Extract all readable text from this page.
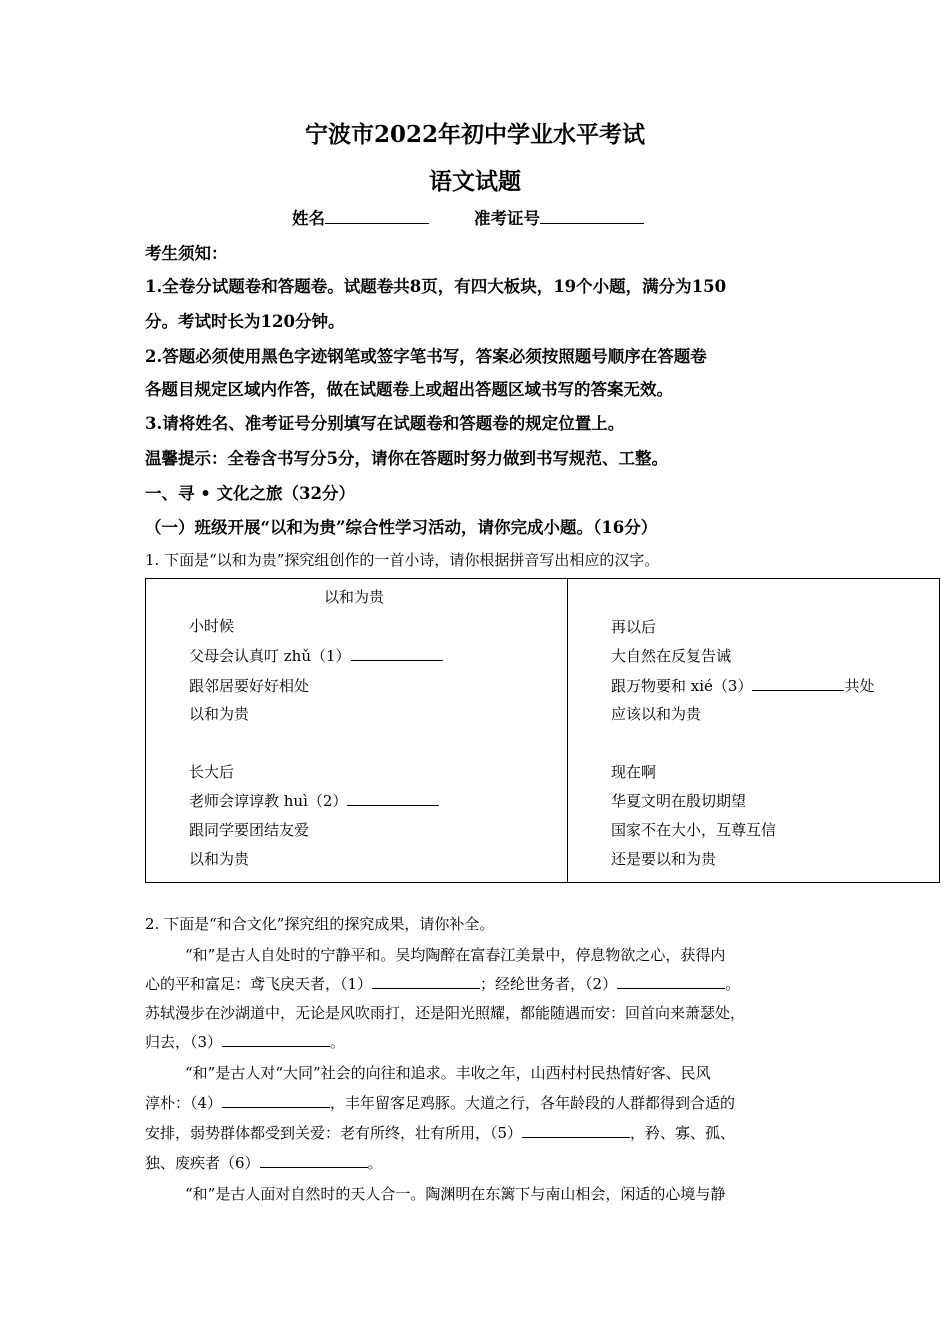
宁波市2022年初中学业水平考试
语文试题
姓名	准考证号
考生须知：
1.全卷分试题卷和答题卷。试题卷共8页，有四大板块，19个小题，满分为150
分。考试时长为120分钟。
2.答题必须使用黑色字迹钢笔或签字笔书写，答案必须按照题号顺序在答题卷
各题目规定区域内作答，做在试题卷上或超出答题区域书写的答案无效。
3.请将姓名、准考证号分别填写在试题卷和答题卷的规定位置上。
温馨提示：全卷含书写分5分，请你在答题时努力做到书写规范、工整。
一、寻 • 文化之旅（32分）
（一）班级开展“以和为贵”综合性学习活动，请你完成小题。（16分）
1. 下面是“以和为贵”探究组创作的一首小诗，请你根据拼音写出相应的汉字。
以和为贵
小时候
父母会认真叮 zhǔ（1）
跟邻居要好好相处
以和为贵
长大后
老师会谆谆教 huì（2）
跟同学要团结友爱
以和为贵
再以后
大自然在反复告诫
跟万物要和 xié（3）	共处
应该以和为贵
现在啊
华夏文明在殷切期望
国家不在大小，互尊互信
还是要以和为贵
2. 下面是“和合文化”探究组的探究成果，请你补全。
“和”是古人自处时的宁静平和。吴均陶醉在富春江美景中，停息物欲之心，获得内
心的平和富足：鸢飞戾天者，（1）	；经纶世务者，（2）	。
苏轼漫步在沙湖道中，无论是风吹雨打，还是阳光照耀，都能随遇而安：回首向来萧瑟处，
归去，（3）	。
“和”是古人对“大同”社会的向往和追求。丰收之年，山西村村民热情好客、民风
淳朴：（4）	，丰年留客足鸡豚。大道之行，各年龄段的人群都得到合适的
安排，弱势群体都受到关爱：老有所终，壮有所用，（5）	，矜、寡、孤、
独、废疾者（6）	。
“和”是古人面对自然时的天人合一。陶渊明在东篱下与南山相会，闲适的心境与静
